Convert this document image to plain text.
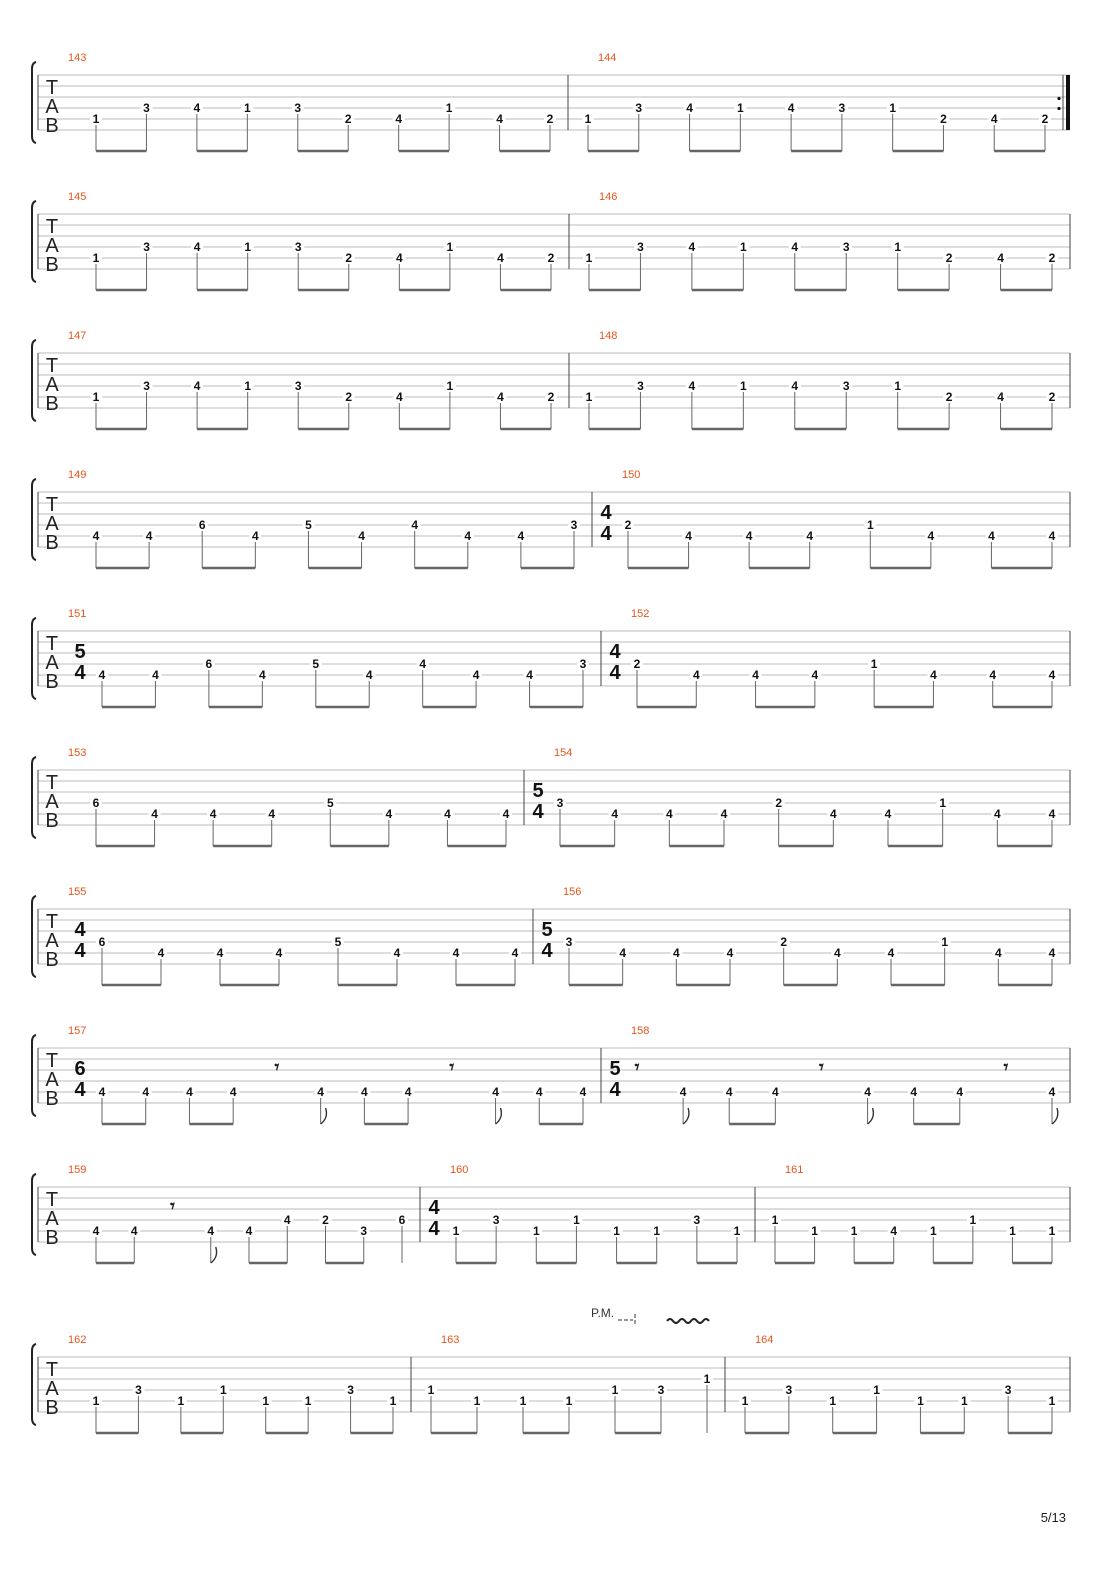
T
A
B
143
1
3	4	1	3
2	4
1
4	2
144
1
3	4	1	4	3	1
2	4	2
T
A
B
145
1
3	4	1	3
2	4
1
4	2
146
1
3	4	1	4	3	1
2	4	2
T
A
B
147
1
3	4	1	3
2	4
1
4	2
148
1
3	4	1	4	3	1
2	4	2
T
A
B
149
4	4
6
4
5
4
4
4	4
3
150
4
4 2
4	4	4
1
4	4	4
T
A
B
151
5
4 4	4
6
4
5
4
4
4	4
3
152
4
4 2
4	4	4
1
4	4	4
T
A
B
153
6
4	4	4
5
4	4	4
154
5
4 3
4	4	4
2
4	4
1
4	4
T
A
B
155
4
4 6
4	4	4
5
4	4	4
156
5
4 3
4	4	4
2
4	4
1
4	4
T
A
B
157
6
4 4	4	4	4
𝄾
4	4	4
𝄾
4	4	4
158
5
4
𝄾
4	4	4
𝄾
4	4	4
𝄾
4
T
A
B
159
4	4
𝄾
4	4
4	2
3
6
160
4
4 1
3
1
1
1	1
3
1
161
1
1	1	4	1
1
1	1
T
A
B
162
1
3
1
1
1	1
3
1
163
P.M.
1
1	1	1
1	3
1
164
1
3
1
1
1	1
3
1
5/13
